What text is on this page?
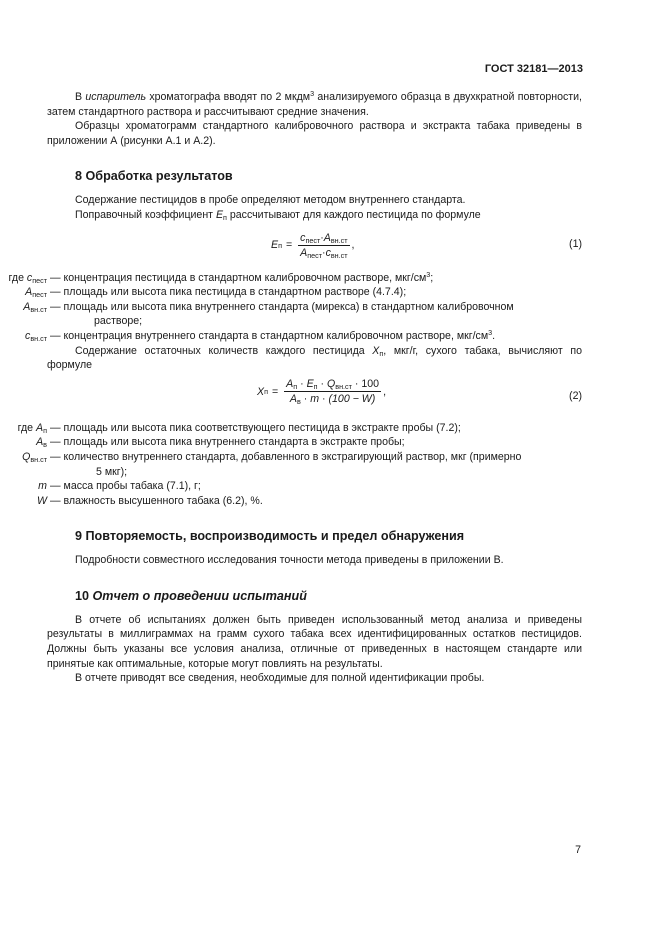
ГОСТ 32181—2013

В испаритель хроматографа вводят по 2 мкдм$^3$ анализируемого образца в двухкратной повторности, затем стандартного раствора и рассчитывают средние значения.

Образцы хроматограмм стандартного калибровочного раствора и экстракта табака приведены в приложении А (рисунки А.1 и А.2).

8 Обработка результатов

Содержание пестицидов в пробе определяют методом внутреннего стандарта.

Поправочный коэффициент $E_п$ рассчитывают для каждого пестицида по формуле

E $п = \frac{c_{пест}\cdot A_{вн.ст}}{A_{пест}\cdot c_{вн.ст}}$ ,	(1)
где $c_{пест}$ — концентрация пестицида в стандартном калибровочном растворе, мкг/$см^3$;
$A_{пест}$ — площадь или высота пика пестицида в стандартном растворе (4.7.4);
$A_{вн.ст}$ — площадь или высота пика внутреннего стандарта (мирекса) в стандартном калибровочном
растворе;
$c_{вн.ст}$ — концентрация внутреннего стандарта в стандартном калибровочном растворе, мкг/$см^3$.

Содержание остаточных количеств каждого пестицида $X_п$, мкг/г, сухого табака, вычисляют по формуле

X $п = \frac{A_п \cdot E_п \cdot Q_{вн.ст} \cdot 100}{A_в \cdot m \cdot (100 - W)}$ ,	(2)
где $A_п$ — площадь или высота пика соответствующего пестицида в экстракте пробы (7.2);
$A_в$ — площадь или высота пика внутреннего стандарта в экстракте пробы;
$Q_{вн.ст}$ — количество внутреннего стандарта, добавленного в экстрагирующий раствор, мкг (примерно
5 мкг);
m — масса пробы табака (7.1), г;
W — влажность высушенного табака (6.2), %.
9 Повторяемость, воспроизводимость и предел обнаружения

Подробности совместного исследования точности метода приведены в приложении В.

10 Отчет о проведении испытаний

В отчете об испытаниях должен быть приведен использованный метод анализа и приведены результаты в миллиграммах на грамм сухого табака всех идентифицированных остатков пестицидов. Должны быть указаны все условия анализа, отличные от приведенных в настоящем стандарте или принятые как оптимальные, которые могут повлиять на результаты.

В отчете приводят все сведения, необходимые для полной идентификации пробы.

7
